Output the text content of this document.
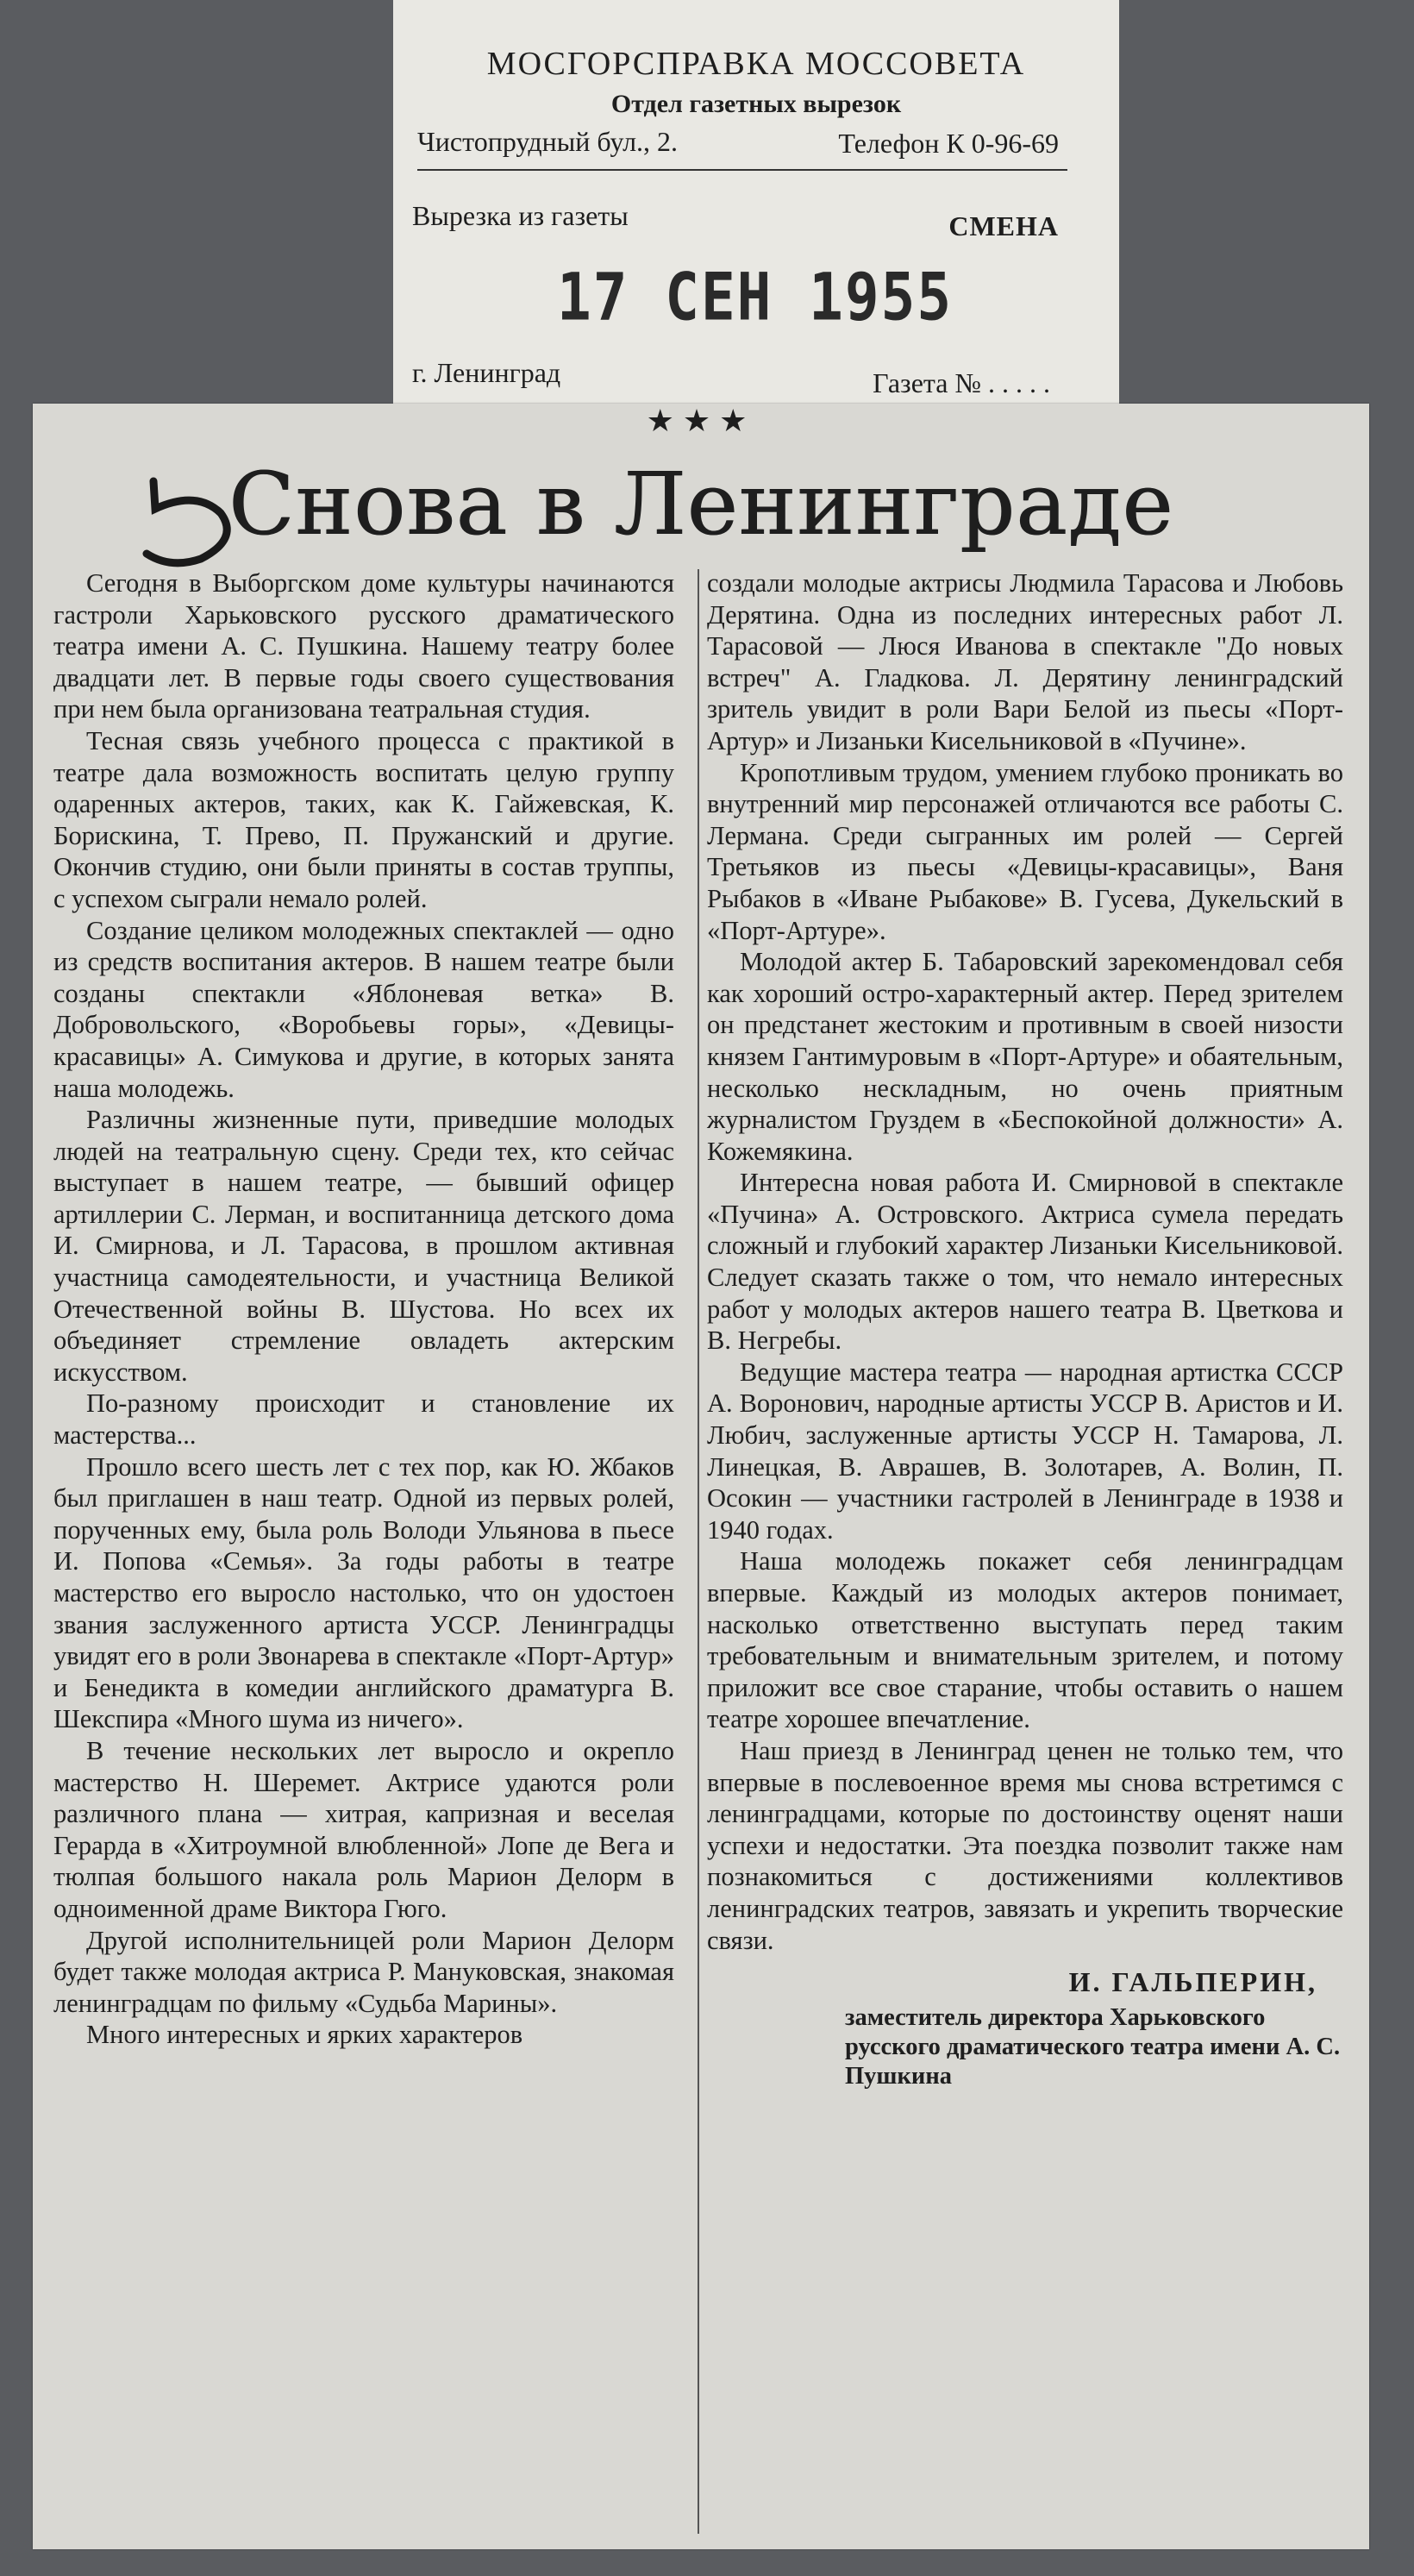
МОСГОРСПРАВКА МОССОВЕТА
Отдел газетных вырезок
Чистопрудный бул., 2.	Телефон К 0-96-69
Вырезка из газеты	СМЕНА
17 СЕН 1955
г. Ленинград	Газета № . . . . .
★★★
Снова в Ленинграде

Сегодня в Выборгском доме культуры начинаются гастроли Харьковского русского драматического театра имени А. С. Пушкина. Нашему театру более двадцати лет. В первые годы своего существования при нем была организована театральная студия.

Тесная связь учебного процесса с практикой в театре дала возможность воспитать целую группу одаренных актеров, таких, как К. Гайжевская, К. Борискина, Т. Прево, П. Пружанский и другие. Окончив студию, они были приняты в состав труппы, с успехом сыграли немало ролей.

Создание целиком молодежных спектаклей — одно из средств воспитания актеров. В нашем театре были созданы спектакли «Яблоневая ветка» В. Добровольского, «Воробьевы горы», «Девицы-красавицы» А. Симукова и другие, в которых занята наша молодежь.

Различны жизненные пути, приведшие молодых людей на театральную сцену. Среди тех, кто сейчас выступает в нашем театре, — бывший офицер артиллерии С. Лерман, и воспитанница детского дома И. Смирнова, и Л. Тарасова, в прошлом активная участница самодеятельности, и участница Великой Отечественной войны В. Шустова. Но всех их объединяет стремление овладеть актерским искусством.

По-разному происходит и становление их мастерства...

Прошло всего шесть лет с тех пор, как Ю. Жбаков был приглашен в наш театр. Одной из первых ролей, порученных ему, была роль Володи Ульянова в пьесе И. Попова «Семья». За годы работы в театре мастерство его выросло настолько, что он удостоен звания заслуженного артиста УССР. Ленинградцы увидят его в роли Звонарева в спектакле «Порт-Артур» и Бенедикта в комедии английского драматурга В. Шекспира «Много шума из ничего».

В течение нескольких лет выросло и окрепло мастерство Н. Шеремет. Актрисе удаются роли различного плана — хитрая, капризная и веселая Герарда в «Хитроумной влюбленной» Лопе де Вега и тюлпая большого накала роль Марион Делорм в одноименной драме Виктора Гюго.

Другой исполнительницей роли Марион Делорм будет также молодая актриса Р. Мануковская, знакомая ленинградцам по фильму «Судьба Марины».

Много интересных и ярких характеров

создали молодые актрисы Людмила Тарасова и Любовь Дерятина. Одна из последних интересных работ Л. Тарасовой — Люся Иванова в спектакле "До новых встреч" А. Гладкова. Л. Дерятину ленинградский зритель увидит в роли Вари Белой из пьесы «Порт-Артур» и Лизаньки Кисельниковой в «Пучине».

Кропотливым трудом, умением глубоко проникать во внутренний мир персонажей отличаются все работы С. Лермана. Среди сыгранных им ролей — Сергей Третьяков из пьесы «Девицы-красавицы», Ваня Рыбаков в «Иване Рыбакове» В. Гусева, Дукельский в «Порт-Артуре».

Молодой актер Б. Табаровский зарекомендовал себя как хороший остро-характерный актер. Перед зрителем он предстанет жестоким и противным в своей низости князем Гантимуровым в «Порт-Артуре» и обаятельным, несколько нескладным, но очень приятным журналистом Груздем в «Беспокойной должности» А. Кожемякина.

Интересна новая работа И. Смирновой в спектакле «Пучина» А. Островского. Актриса сумела передать сложный и глубокий характер Лизаньки Кисельниковой. Следует сказать также о том, что немало интересных работ у молодых актеров нашего театра В. Цветкова и В. Негребы.

Ведущие мастера театра — народная артистка СССР А. Воронович, народные артисты УССР В. Аристов и И. Любич, заслуженные артисты УССР Н. Тамарова, Л. Линецкая, В. Аврашев, В. Золотарев, А. Волин, П. Осокин — участники гастролей в Ленинграде в 1938 и 1940 годах.

Наша молодежь покажет себя ленинградцам впервые. Каждый из молодых актеров понимает, насколько ответственно выступать перед таким требовательным и внимательным зрителем, и потому приложит все свое старание, чтобы оставить о нашем театре хорошее впечатление.

Наш приезд в Ленинград ценен не только тем, что впервые в послевоенное время мы снова встретимся с ленинградцами, которые по достоинству оценят наши успехи и недостатки. Эта поездка позволит также нам познакомиться с достижениями коллективов ленинградских театров, завязать и укрепить творческие связи.

И. ГАЛЬПЕРИН,

заместитель директора Харьковского русского драматического театра имени А. С. Пушкина
